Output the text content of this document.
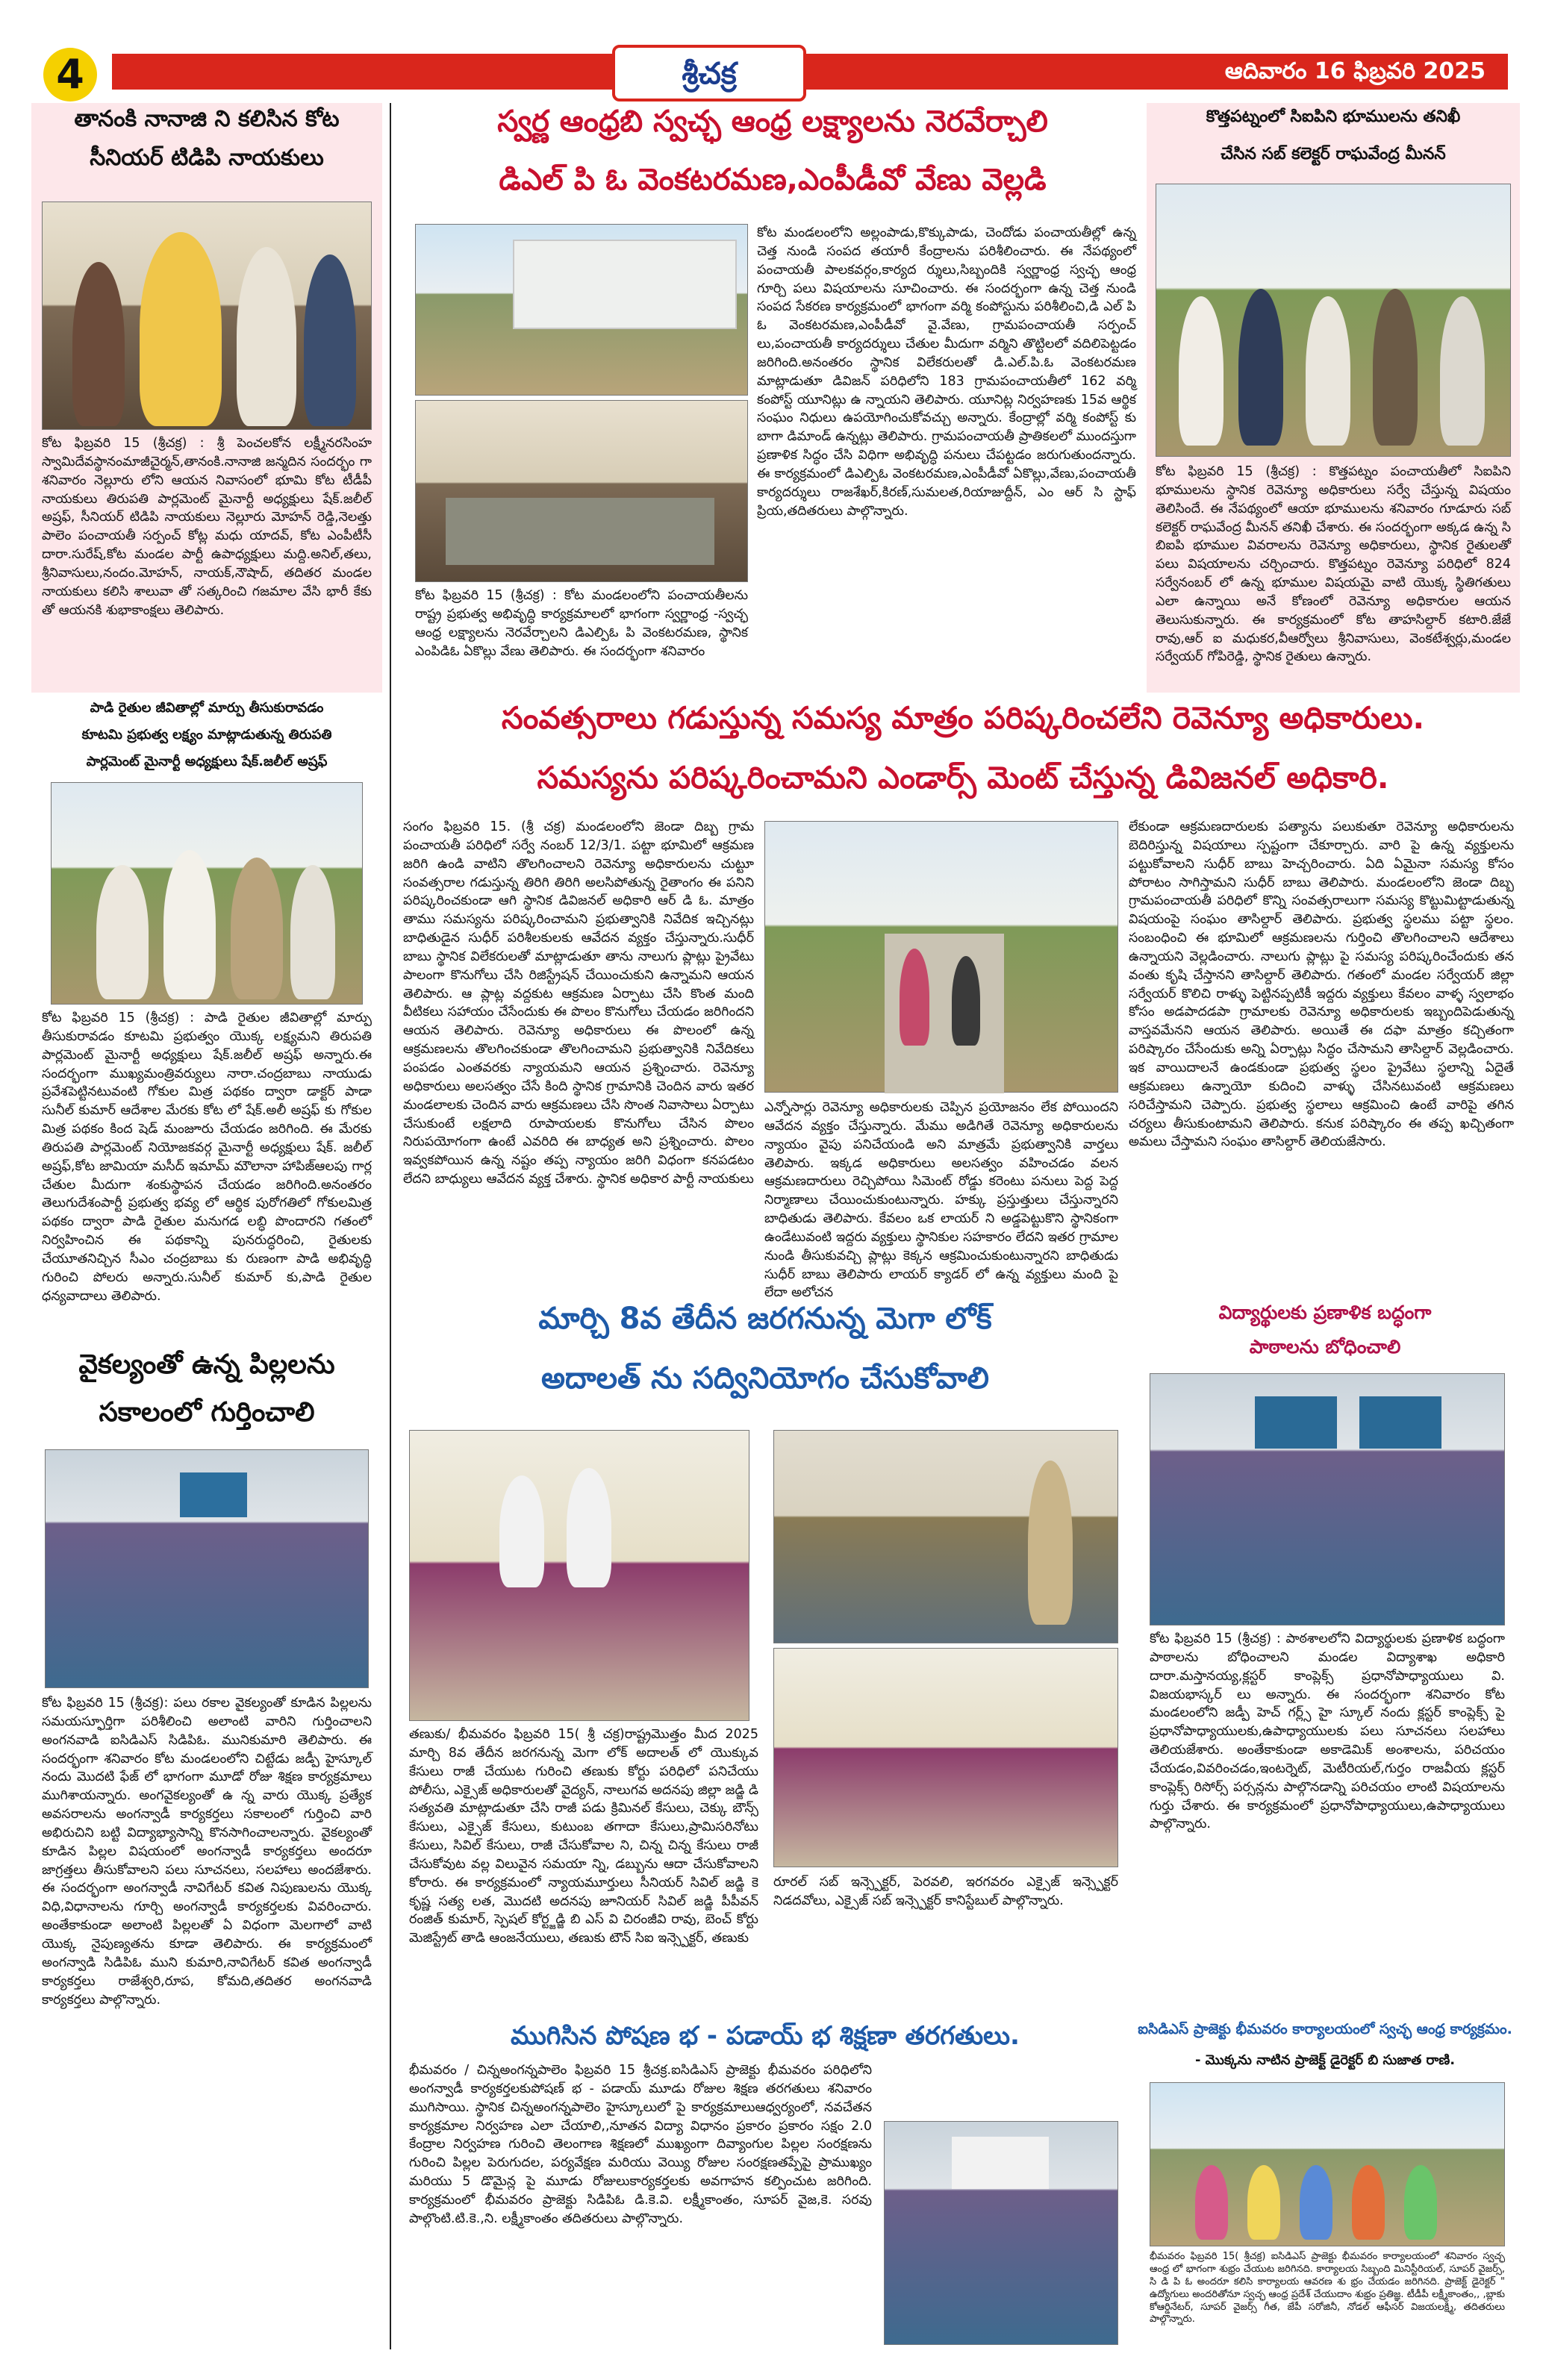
4	శ్రీచక్ర	ఆదివారం 16 ఫిబ్రవరి 2025
తానంకి నానాజి ని కలిసిన కోట
సీనియర్ టిడిపి నాయకులు
కోట ఫిబ్రవరి 15 (శ్రీచక్ర) : శ్రీ పెంచలకోన లక్ష్మీనరసింహ స్వామిదేవస్థానంమాజీచైర్మన్,తానంకి.నానాజి జన్మదిన సందర్భం గా శనివారం నెల్లూరు లోని ఆయన నివాసంలో భూమి కోట టీడీపీ నాయకులు తిరుపతి పార్లమెంట్ మైనార్టీ అధ్యక్షులు షేక్.జలీల్ అష్రఫ్, సీనియర్ టిడిపి నాయకులు నెల్లూరు మోహన్ రెడ్డి,నెలత్తు పాలెం పంచాయతీ సర్పంచ్ కోట్ల మధు యాదవ్, కోట ఎంపీటీసీ దారా.సురేష్,కోట మండల పార్టీ ఉపాధ్యక్షులు మద్ది.అనిల్,తలు, శ్రీనివాసులు,నందం.మోహన్, నాయక్,నౌషాద్, తదితర మండల నాయకులు కలిసి శాలువా తో సత్కరించి గజమాల వేసి భారీ కేకు తో ఆయనకి శుభాకాంక్షలు తెలిపారు.
పాడి రైతుల జీవితాల్లో మార్పు తీసుకురావడం
కూటమి ప్రభుత్వ లక్ష్యం మాట్లాడుతున్న తిరుపతి
పార్లమెంట్ మైనార్టీ అధ్యక్షులు షేక్.జలీల్ అష్రఫ్
కోట ఫిబ్రవరి 15 (శ్రీచక్ర) : పాడి రైతుల జీవితాల్లో మార్పు తీసుకురావడం కూటమి ప్రభుత్వం యొక్క లక్ష్యమని తిరుపతి పార్లమెంట్ మైనార్టీ అధ్యక్షులు షేక్.జలీల్ అష్రఫ్ అన్నారు.ఈ సందర్భంగా ముఖ్యమంత్రివర్యులు నారా.చంద్రబాబు నాయుడు ప్రవేశపెట్టినటువంటి గోకుల మిత్ర పథకం ద్వారా డాక్టర్ పాడా సునీల్ కుమార్ ఆదేశాల మేరకు కోట లో షేక్.అలీ అష్రఫ్ కు గోకుల మిత్ర పథకం కింద షెడ్ మంజూరు చేయడం జరిగింది. ఈ మేరకు తిరుపతి పార్లమెంట్ నియోజకవర్గ మైనార్టీ అధ్యక్షులు షేక్. జలీల్ అష్రఫ్,కోట జామియా మసీద్ ఇమామ్ మౌలానా హాపిజ్ఆలపు గార్ల చేతుల మీదుగా శంకుస్థాపన చేయడం జరిగింది.అనంతరం తెలుగుదేశంపార్టీ ప్రభుత్వ భవ్య లో ఆర్థిక పురోగతిలో గోకులమిత్ర పథకం ద్వారా పాడి రైతుల మనుగడ లబ్ధి పొందారని గతంలో నిర్వహించిన ఈ పథకాన్ని పునరుద్ధరించి, రైతులకు చేయూతనిచ్చిన సీఎం చంద్రబాబు కు రుణంగా పాడి అభివృద్ధి గురించి పోలరు అన్నారు.సునీల్ కుమార్ కు,పాడి రైతుల ధన్యవాదాలు తెలిపారు.
వైకల్యంతో ఉన్న పిల్లలను
సకాలంలో గుర్తించాలి
కోట ఫిబ్రవరి 15 (శ్రీచక్ర): పలు రకాల వైకల్యంతో కూడిన పిల్లలను సమయస్ఫూర్తిగా పరిశీలించి అలాంటి వారిని గుర్తించాలని అంగనవాడి ఐసిడిఎస్ సిడిపిఓ. మునికుమారి తెలిపారు. ఈ సందర్భంగా శనివారం కోట మండలంలోని చిట్టేడు జడ్పీ హైస్కూల్ నందు మొదటి ఫేజ్ లో భాగంగా మూడో రోజు శిక్షణ కార్యక్రమాలు ముగిశాయన్నారు. అంగవైకల్యంతో ఉ న్న వారు యొక్క ప్రత్యేక అవసరాలను అంగన్వాడీ కార్యకర్తలు సకాలంలో గుర్తించి వారి అభిరుచిని బట్టి విద్యాభ్యాసాన్ని కొనసాగించాలన్నారు. వైకల్యంతో కూడిన పిల్లల విషయంలో అంగన్వాడీ కార్యకర్తలు అందరూ జాగ్రత్తలు తీసుకోవాలని పలు సూచనలు, సలహాలు అందజేశారు. ఈ సందర్భంగా అంగన్వాడీ నావిగేటర్ కవిత నిపుణులను యొక్క విధి,విధానాలను గూర్చి అంగన్వాడీ కార్యకర్తలకు వివరించారు. అంతేకాకుండా అలాంటి పిల్లలతో ఏ విధంగా మెలగాలో వాటి యొక్క నైపుణ్యతను కూడా తెలిపారు. ఈ కార్యక్రమంలో అంగన్వాడి సిడిపిఓ ముని కుమారి,నావిగేటర్ కవిత అంగన్వాడీ కార్యకర్తలు రాజేశ్వరి,రూప, కోమది,తదితర అంగనవాడి కార్యకర్తలు పాల్గొన్నారు.
స్వర్ణ ఆంధ్రబి స్వచ్ఛ ఆంధ్ర లక్ష్యాలను నెరవేర్చాలి
డిఎల్ పి ఓ వెంకటరమణ,ఎంపీడీవో వేణు వెల్లడి
కోట ఫిబ్రవరి 15 (శ్రీచక్ర) : కోట మండలంలోని పంచాయతీలను రాష్ట్ర ప్రభుత్వ అభివృద్ధి కార్యక్రమాలలో భాగంగా స్వర్ణాంధ్ర -స్వచ్ఛ ఆంధ్ర లక్ష్యాలను నెరవేర్చాలని డిఎల్పిఓ పి వెంకటరమణ, స్థానిక ఎంపిడిఓ ఏకొల్లు వేణు తెలిపారు. ఈ సందర్భంగా శనివారం
కోట మండలంలోని అల్లంపాడు,కొక్కుపాడు, చెందోడు పంచాయతీల్లో ఉన్న చెత్త నుండి సంపద తయారీ కేంద్రాలను పరిశీలించారు. ఈ నేపథ్యంలో పంచాయతీ పాలకవర్గం,కార్యద ర్శులు,సిబ్బందికి స్వర్ణాంధ్ర స్వచ్ఛ ఆంధ్ర గూర్చి పలు విషయాలను సూచించారు. ఈ సందర్భంగా ఉన్న చెత్త నుండి సంపద సేకరణ కార్యక్రమంలో భాగంగా వర్మి కంపోస్టును పరిశీలించి,డి ఎల్ పి ఓ వెంకటరమణ,ఎంపీడీవో వై.వేణు, గ్రామపంచాయతీ సర్పంచ్ లు,పంచాయతీ కార్యదర్శులు చేతుల మీదుగా వర్మిని తొట్టిలలో వదిలిపెట్టడం జరిగింది.అనంతరం స్థానిక విలేకరులతో డి.ఎల్.పి.ఓ వెంకటరమణ మాట్లాడుతూ డివిజన్ పరిధిలోని 183 గ్రామపంచాయతీలో 162 వర్మి కంపోస్ట్ యూనిట్లు ఉ న్నాయని తెలిపారు. యూనిట్ల నిర్వహణకు 15వ ఆర్థిక సంఘం నిధులు ఉపయోగించుకోవచ్చు అన్నారు. కేంద్రాల్లో వర్మి కంపోస్ట్ కు బాగా డిమాండ్ ఉన్నట్లు తెలిపారు. గ్రామపంచాయతీ ప్రాతికలలో ముందస్తుగా ప్రణాళిక సిద్ధం చేసి విధిగా అభివృద్ధి పనులు చేపట్టడం జరుగుతుందన్నారు. ఈ కార్యక్రమంలో డిఎల్పిఓ వెంకటరమణ,ఎంపీడీవో ఏకొల్లు,వేణు,పంచాయతీ కార్యదర్శులు రాజశేఖర్,కిరణ్,సుమలత,రియాజుద్దీన్, ఎం ఆర్ సి స్టాఫ్ ప్రియ,తదితరులు పాల్గొన్నారు.
కొత్తపట్నంలో సిఐపిని భూములను తనిఖీ
చేసిన సబ్ కలెక్టర్ రాఘవేంద్ర మీనన్
కోట ఫిబ్రవరి 15 (శ్రీచక్ర) : కొత్తపట్నం పంచాయతీలో సిఐపిని భూములను స్థానిక రెవెన్యూ అధికారులు సర్వే చేస్తున్న విషయం తెలిసిందే. ఈ నేపథ్యంలో ఆయా భూములను శనివారం గూడూరు సబ్ కలెక్టర్ రాఘవేంద్ర మీనన్ తనిఖీ చేశారు. ఈ సందర్భంగా అక్కడ ఉన్న సి బిఐపి భూముల వివరాలను రెవెన్యూ అధికారులు, స్థానిక రైతులతో పలు విషయాలను చర్చించారు. కొత్తపట్నం రెవెన్యూ పరిధిలో 824 సర్వేనంబర్ లో ఉన్న భూముల విషయమై వాటి యొక్క స్థితిగతులు ఎలా ఉన్నాయి అనే కోణంలో రెవెన్యూ అధికారుల ఆయన తెలుసుకున్నారు. ఈ కార్యక్రమంలో కోట తాహసిల్దార్ కటారి.జేజే రావు,ఆర్ ఐ మధుకర,వీఆర్వోలు శ్రీనివాసులు, వెంకటేశ్వర్లు,మండల సర్వేయర్ గోపిరెడ్డి, స్థానిక రైతులు ఉన్నారు.
సంవత్సరాలు గడుస్తున్న సమస్య మాత్రం పరిష్కరించలేని రెవెన్యూ అధికారులు.
సమస్యను పరిష్కరించామని ఎండార్స్ మెంట్ చేస్తున్న డివిజనల్ అధికారి.
సంగం ఫిబ్రవరి 15. (శ్రీ చక్ర) మండలంలోని జెండా దిబ్బ గ్రామ పంచాయతీ పరిధిలో సర్వే నంబర్ 12/3/1. పట్టా భూమిలో ఆక్రమణ జరిగి ఉండి వాటిని తొలగించాలని రెవెన్యూ అధికారులను చుట్టూ సంవత్సరాల గడుస్తున్న తిరిగి తిరిగి అలసిపోతున్న రైతాంగం ఈ పనిని పరిష్కరించకుండా ఆగి స్థానిక డివిజనల్ అధికారి ఆర్ డి ఓ. మాత్రం తాము సమస్యను పరిష్కరించామని ప్రభుత్వానికి నివేదిక ఇచ్చినట్లు బాధితుడైన సుధీర్ పరిశీలకులకు ఆవేదన వ్యక్తం చేస్తున్నారు.సుధీర్ బాబు స్థానిక విలేకరులతో మాట్లాడుతూ తాను నాలుగు ప్లాట్లు ప్రైవేటు పాలంగా కొనుగోలు చేసి రిజిస్ట్రేషన్ చేయించుకుని ఉన్నామని ఆయన తెలిపారు. ఆ ప్లాట్ల వద్దకుట ఆక్రమణ ఏర్పాటు చేసి కొంత మంది వీటికలు సహాయం చేసేందుకు ఈ పొలం కొనుగోలు చేయడం జరిగిందని ఆయన తెలిపారు. రెవెన్యూ అధికారులు ఈ పొలంలో ఉన్న ఆక్రమణలను తొలగించకుండా తొలగించామని ప్రభుత్వానికి నివేదికలు పంపడం ఎంతవరకు న్యాయమని ఆయన ప్రశ్నించారు. రెవెన్యూ అధికారులు అలసత్వం చేసే కింది స్థానిక గ్రామానికి చెందిన వారు ఇతర మండలాలకు చెందిన వారు ఆక్రమణలు చేసి సొంత నివాసాలు ఏర్పాటు చేసుకుంటే లక్షలాది రూపాయలకు కొనుగోలు చేసిన పొలం నిరుపయోగంగా ఉంటే ఎవరిది ఈ బాధ్యత అని ప్రశ్నించారు. పొలం ఇవ్వకపోయిన ఉన్న నష్టం తప్ప న్యాయం జరిగి విధంగా కనపడటం లేదని బాధ్యులు ఆవేదన వ్యక్త చేశారు. స్థానిక అధికార పార్టీ నాయకులు
ఎన్నోసార్లు రెవెన్యూ అధికారులకు చెప్పిన ప్రయోజనం లేక పోయిందని ఆవేదన వ్యక్తం చేస్తున్నారు. మేము అడిగితే రెవెన్యూ అధికారులను న్యాయం వైపు పనిచేయండి అని మాత్రమే ప్రభుత్వానికి వార్తలు తెలిపారు. ఇక్కడ అధికారులు అలసత్వం వహించడం వలన ఆక్రమణదారులు రెచ్చిపోయి సిమెంట్ రోడ్డు కరెంటు పనులు పెద్ద పెద్ద నిర్మాణాలు చేయించుకుంటున్నారు. హక్కు ప్రస్తుత్తులు చేస్తున్నారని బాధితుడు తెలిపారు. కేవలం ఒక లాయర్ ని అడ్డపెట్టుకొని స్థానికంగా ఉండేటువంటి ఇద్దరు వ్యక్తులు స్థానికుల సహకారం లేదని ఇతర గ్రామాల నుండి తీసుకువచ్చి ప్లాట్లు కెక్కన ఆక్రమించుకుంటున్నారని బాధితుడు సుధీర్ బాబు తెలిపారు లాయర్ క్యాడర్ లో ఉన్న వ్యక్తులు మంది పై లేదా అలోచన
లేకుండా ఆక్రమణదారులకు పత్యాను పలుకుతూ రెవెన్యూ అధికారులను బెదిరిస్తున్న విషయాలు స్పష్టంగా చేకూర్చారు. వారి పై ఉన్న వ్యక్తులను పట్టుకోవాలని సుధీర్ బాబు హెచ్చరించారు. ఏది ఏమైనా సమస్య కోసం పోరాటం సాగిస్తామని సుధీర్ బాబు తెలిపారు. మండలంలోని జెండా దిబ్బ గ్రామపంచాయతీ పరిధిలో కొన్ని సంవత్సరాలుగా సమస్య కొట్టుమిట్టాడుతున్న విషయంపై సంఘం తాసిల్దార్ తెలిపారు. ప్రభుత్వ స్థలము పట్టా స్థలం. సంబంధించి ఈ భూమిలో ఆక్రమణలను గుర్తించి తొలగించాలని ఆదేశాలు ఉన్నాయని వెల్లడించారు. నాలుగు ప్లాట్లు పై సమస్య పరిష్కరించేందుకు తన వంతు కృషి చేస్తానని తాసిల్దార్ తెలిపారు. గతంలో మండల సర్వేయర్ జిల్లా సర్వేయర్ కొలిచి రాళ్ళు పెట్టినప్పటికీ ఇద్దరు వ్యక్తులు కేవలం వాళ్ళ స్వలాభం కోసం అడపాదడపా గ్రామాలకు రెవెన్యూ అధికారులకు ఇబ్బందిపెడుతున్న వాస్తవమేనని ఆయన తెలిపారు. అయితే ఈ దఫా మాత్రం కచ్చితంగా పరిష్కారం చేసేందుకు అన్ని ఏర్పాట్లు సిద్ధం చేసామని తాసిల్దార్ వెల్లడించారు. ఇక వాయిదాలనే ఉండకుండా ప్రభుత్వ స్థలం ప్రైవేటు స్థలాన్ని ఏదైతే ఆక్రమణలు ఉన్నాయో కుదించి వాళ్ళు చేసినటువంటి ఆక్రమణలు సరిచేస్తామని చెప్పారు. ప్రభుత్వ స్థలాలు ఆక్రమించి ఉంటే వారిపై తగిన చర్యలు తీసుకుంటామని తెలిపారు. కనుక పరిష్కారం ఈ తప్ప ఖచ్చితంగా అమలు చేస్తామని సంఘం తాసిల్దార్ తెలియజేసారు.
మార్చి 8వ తేదీన జరగనున్న మెగా లోక్
అదాలత్ ను సద్వినియోగం చేసుకోవాలి
తణుకు/ భీమవరం ఫిబ్రవరి 15( శ్రీ చక్ర)రాష్ట్రమొత్తం మీద 2025 మార్చి 8వ తేదీన జరగనున్న మెగా లోక్ అదాలత్ లో యొక్కువ కేసులు రాజీ చేయుట గురించి తణుకు కోర్టు పరిధిలో పనిచేయు పోలీసు, ఎక్సైజ్ అధికారులతో వైద్యన్, నాలుగవ అదనపు జిల్లా జడ్జి డి సత్యవతి మాట్లాడుతూ చేసి రాజీ పడు క్రిమినల్ కేసులు, చెక్కు బౌన్స్ కేసులు, ఎక్సైజ్ కేసులు, కుటుంబ తగాదా కేసులు,ప్రామిసరినోటు కేసులు, సివిల్ కేసులు, రాజీ చేసుకోవాల ని, చిన్న చిన్న కేసులు రాజీ చేసుకోవుట వల్ల విలువైన సమయా న్ని, డబ్బును ఆదా చేసుకోవాలని కోరారు. ఈ కార్యక్రమంలో న్యాయమూర్తులు సీనియర్ సివిల్ జడ్జి కె కృష్ణ సత్య లత, మొదటి అదనపు జూనియర్ సివిల్ జడ్జి పీపీవన్ రంజిత్ కుమార్, స్పెషల్ కోర్ట్జడ్జి బి ఎస్ వి చిరంజీవి రావు, బెంచ్ కోర్టు మెజిస్ట్రేట్ తాడి ఆంజనేయులు, తణుకు టౌన్ సిఐ ఇన్స్పెక్టర్, తణుకు
రూరల్ సబ్ ఇన్స్పెక్టర్, పెరవలి, ఇరగవరం ఎక్సైజ్ ఇన్స్పెక్టర్ నిడదవోలు, ఎక్సైజ్ సబ్ ఇన్స్పెక్టర్ కానిస్టేబుల్ పాల్గొన్నారు.
విద్యార్థులకు ప్రణాళిక బద్ధంగా
పాఠాలను బోధించాలి
కోట ఫిబ్రవరి 15 (శ్రీచక్ర) : పాఠశాలలోని విద్యార్థులకు ప్రణాళిక బద్ధంగా పాఠాలను బోధించాలని మండల విద్యాశాఖ అధికారి దారా.మస్తానయ్య,క్లస్టర్ కాంప్లెక్స్ ప్రధానోపాధ్యాయులు వి. విజయభాస్కర్ లు అన్నారు. ఈ సందర్భంగా శనివారం కోట మండలంలోని జడ్పీ హెచ్ గర్ల్స్ హై స్కూల్ నందు క్లస్టర్ కాంప్లెక్స్ పై ప్రధానోపాధ్యాయులకు,ఉపాధ్యాయులకు పలు సూచనలు సలహాలు తెలియజేశారు. అంతేకాకుండా అకాడెమిక్ అంశాలను, పరిచయం చేయడం,వివరించడం,ఇంటర్నెట్, మెటీరియల్,గుర్తం రాజవీయ క్లస్టర్ కాంప్లెక్స్ రిసోర్స్ పర్సన్లను పాల్గొనడాన్ని పరిచయం లాంటి విషయాలను గుర్తు చేశారు. ఈ కార్యక్రమంలో ప్రధానోపాధ్యాయులు,ఉపాధ్యాయులు పాల్గొన్నారు.
ఐసిడిఎస్ ప్రాజెక్టు భీమవరం కార్యాలయంలో స్వచ్ఛ ఆంధ్ర కార్యక్రమం.
- మొక్కను నాటిన ప్రాజెక్ట్ డైరెక్టర్ బి సుజాత రాణి.
భీమవరం ఫిబ్రవరి 15( శ్రీచక్ర) ఐసిడిఎస్ ప్రాజెక్టు భీమవరం కార్యాలయంలో శనివారం స్వచ్ఛ ఆంధ్ర లో భాగంగా శుభ్రం చేయుట జరిగినది. కార్యాలయ సిబ్బంది మినిస్టీరియల్, సూపర్ వైజర్స్, సి డి పి ఓ అందరూ కలిసి కార్యాలయ ఆవరణ శు భ్రం చేయడం జరిగినది. ప్రాజెక్ట్ డైరెక్టర్ " ఉద్యోగులు అందరితోనూ స్వచ్ఛ ఆంధ్ర ప్రదేశ్ చేయుదాం శుభ్రం ప్రతిజ్ఞ. టీడీపీ లక్ష్మీకాంతం,, ,బ్లాకు కోఆర్డినేటర్, సూపర్ వైజర్స్ గీత, జేపీ సరోజినీ, నోడల్ ఆఫీసర్ విజయలక్ష్మి, తదితరులు పాల్గొన్నారు.
ముగిసిన పోషణ భ - పడాయ్ భ శిక్షణా తరగతులు.
భీమవరం / చిన్నఅంగన్నపాలెం ఫిబ్రవరి 15 శ్రీచక్ర.ఐసిడిఎస్ ప్రాజెక్టు భీమవరం పరిధిలోని అంగన్వాడీ కార్యకర్తలకుపోషణ్ భ - పడాయ్ మూడు రోజుల శిక్షణ తరగతులు శనివారం ముగిసాయి. స్థానిక చిన్నఅంగన్నపాలెం హైస్కూలులో పై కార్యక్రమాలుఆధ్వర్యంలో, నవచేతన కార్యక్రమాల నిర్వహణ ఎలా చేయాలి,,నూతన విద్యా విధానం ప్రకారం ప్రకారం సక్షం 2.0 కేంద్రాల నిర్వహణ గురించి తెలంగాణ శిక్షణలో ముఖ్యంగా దివ్యాంగుల పిల్లల సంరక్షణను గురించి పిల్లల పెరుగుదల, పర్యవేక్షణ మరియు వెయ్యి రోజుల సంరక్షణతప్పేపై ప్రాముఖ్యం మరియు 5 డొమైన్ల పై మూడు రోజులుకార్యకర్తలకు అవగాహన కల్పించుట జరిగింది. కార్యక్రమంలో భీమవరం ప్రాజెక్టు సిడిపిఓ డి.కె.వి. లక్ష్మీకాంతం, సూపర్ వైజ,కె. సరవు పాల్గొంటి.టి.కె.,ని. లక్ష్మీకాంతం తదితరులు పాల్గొన్నారు.
